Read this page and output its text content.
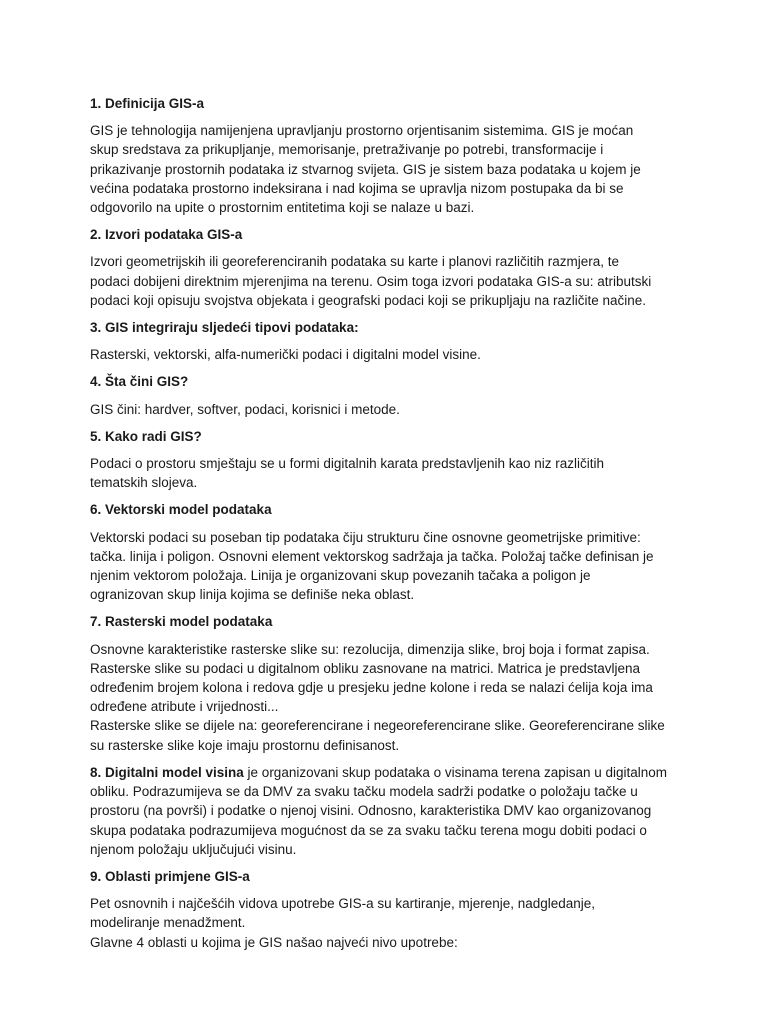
1. Definicija GIS-a
GIS je tehnologija namijenjena upravljanju prostorno orjentisanim sistemima. GIS je moćan
skup sredstava za prikupljanje, memorisanje, pretraživanje po potrebi, transformacije i
prikazivanje prostornih podataka iz stvarnog svijeta. GIS je sistem baza podataka u kojem je
većina podataka prostorno indeksirana i nad kojima se upravlja nizom postupaka da bi se
odgovorilo na upite o prostornim entitetima koji se nalaze u bazi.
2. Izvori podataka GIS-a
Izvori geometrijskih ili georeferenciranih podataka su karte i planovi različitih razmjera, te
podaci dobijeni direktnim mjerenjima na terenu. Osim toga izvori podataka GIS-a su: atributski
podaci koji opisuju svojstva objekata i geografski podaci koji se prikupljaju na različite načine.
3. GIS integriraju sljedeći tipovi podataka:
Rasterski, vektorski, alfa-numerički podaci i digitalni model visine.
4. Šta čini GIS?
GIS čini: hardver, softver, podaci, korisnici i metode.
5. Kako radi GIS?
Podaci o prostoru smještaju se u formi digitalnih karata predstavljenih kao niz različitih
tematskih slojeva.
6. Vektorski model podataka
Vektorski podaci su poseban tip podataka čiju strukturu čine osnovne geometrijske primitive:
tačka. linija i poligon. Osnovni element vektorskog sadržaja ja tačka. Položaj tačke definisan je
njenim vektorom položaja. Linija je organizovani skup povezanih tačaka a poligon je
ogranizovan skup linija kojima se definiše neka oblast.
7. Rasterski model podataka
Osnovne karakteristike rasterske slike su: rezolucija, dimenzija slike, broj boja i format zapisa.
Rasterske slike su podaci u digitalnom obliku zasnovane na matrici. Matrica je predstavljena
određenim brojem kolona i redova gdje u presjeku jedne kolone i reda se nalazi ćelija koja ima
određene atribute i vrijednosti...
Rasterske slike se dijele na: georeferencirane i negeoreferencirane slike. Georeferencirane slike
su rasterske slike koje imaju prostornu definisanost.
8. Digitalni model visina je organizovani skup podataka o visinama terena zapisan u digitalnom
obliku. Podrazumijeva se da DMV za svaku tačku modela sadrži podatke o položaju tačke u
prostoru (na površi) i podatke o njenoj visini. Odnosno, karakteristika DMV kao organizovanog
skupa podataka podrazumijeva mogućnost da se za svaku tačku terena mogu dobiti podaci o
njenom položaju uključujući visinu.
9. Oblasti primjene GIS-a
Pet osnovnih i najčešćih vidova upotrebe GIS-a su kartiranje, mjerenje, nadgledanje,
modeliranje menadžment.
Glavne 4 oblasti u kojima je GIS našao najveći nivo upotrebe:
